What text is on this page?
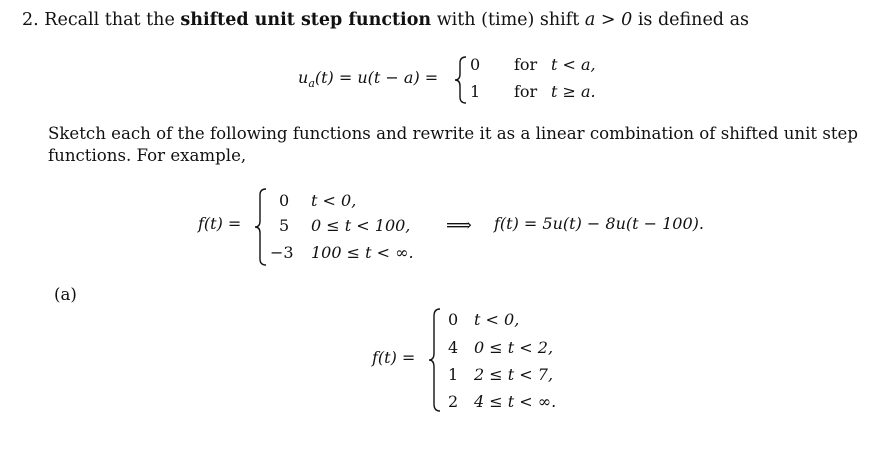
2. Recall that the shifted unit step function with (time) shift a > 0 is defined as
$u_a(t) = u(t - a)$ =
0 for t < a,
1 for t ≥ a.
Sketch each of the following functions and rewrite it as a linear combination of shifted unit step
functions. For example,
f(t) =
0 t < 0,
5 0 ≤ t < 100,
−3 100 ≤ t < ∞.
⟹ f(t) = 5u(t) − 8u(t − 100).
(a)
f(t) =
0 t < 0,
4 0 ≤ t < 2,
1 2 ≤ t < 7,
2 4 ≤ t < ∞.
